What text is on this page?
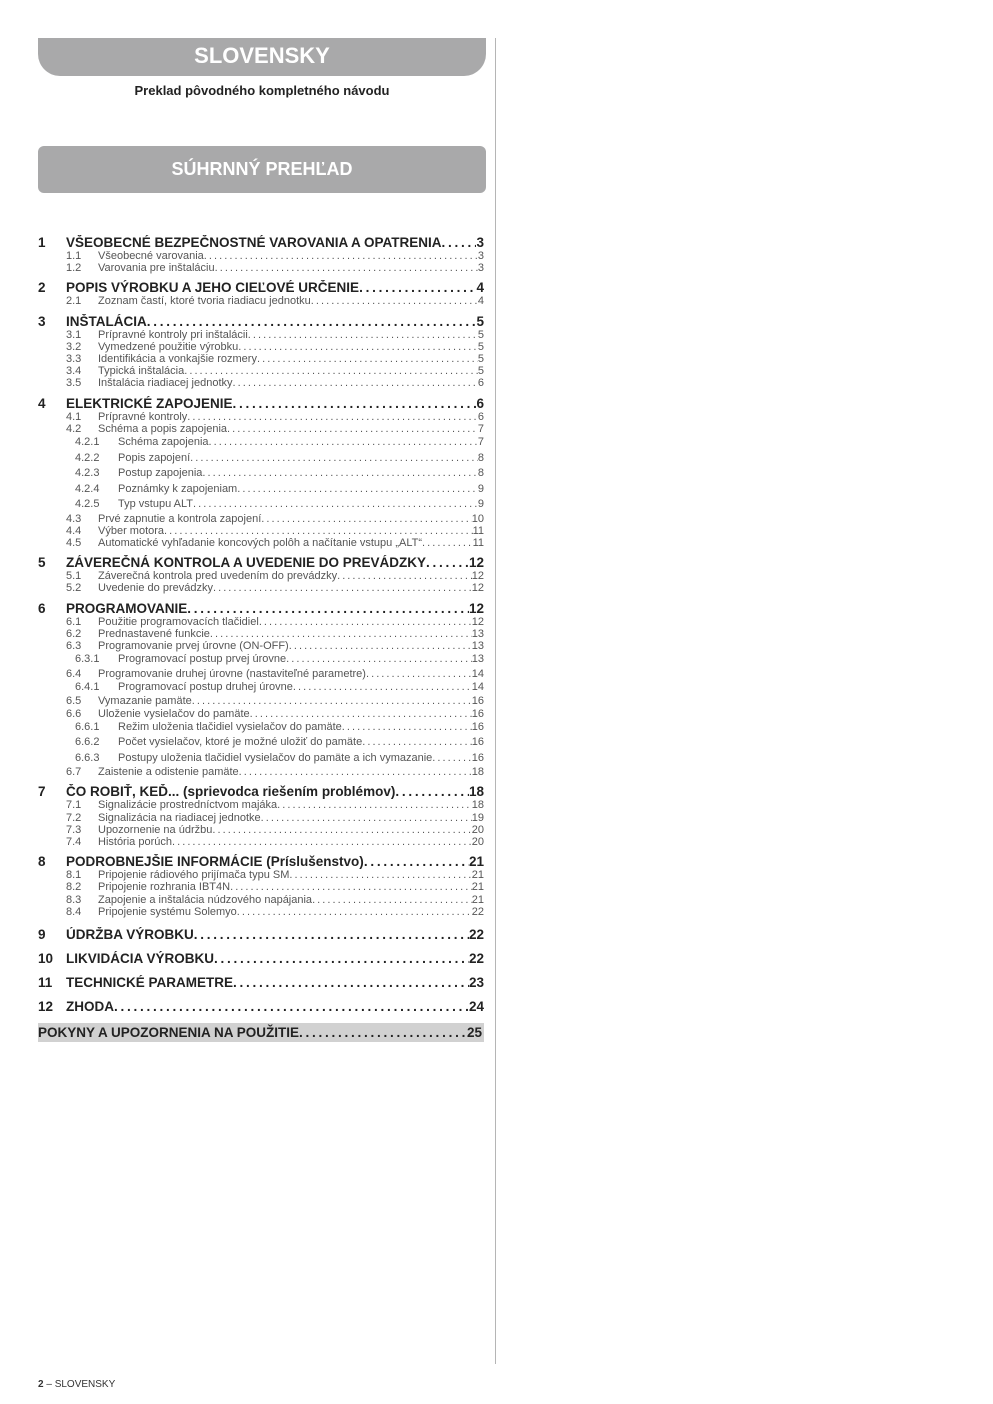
SLOVENSKY
Preklad pôvodného kompletného návodu
SÚHRNNÝ PREHĽAD
1	VŠEOBECNÉ BEZPEČNOSTNÉ VAROVANIA A OPATRENIA . . .	3
1.1	Všeobecné varovania . . .	3
1.2	Varovania pre inštaláciu . . .	3
2	POPIS VÝROBKU A JEHO CIEĽOVÉ URČENIE . . .	4
2.1	Zoznam častí, ktoré tvoria riadiacu jednotku . . .	4
3	INŠTALÁCIA . . .	5
3.1	Prípravné kontroly pri inštalácii . . .	5
3.2	Vymedzené použitie výrobku . . .	5
3.3	Identifikácia a vonkajšie rozmery . . .	5
3.4	Typická inštalácia . . .	5
3.5	Inštalácia riadiacej jednotky . . .	6
4	ELEKTRICKÉ ZAPOJENIE . . .	6
4.1	Prípravné kontroly . . .	6
4.2	Schéma a popis zapojenia . . .	7
4.2.1	Schéma zapojenia . . .	7
4.2.2	Popis zapojení . . .	8
4.2.3	Postup zapojenia . . .	8
4.2.4	Poznámky k zapojeniam . . .	9
4.2.5	Typ vstupu ALT . . .	9
4.3	Prvé zapnutie a kontrola zapojení . . .	10
4.4	Výber motora . . .	11
4.5	Automatické vyhľadanie koncových polôh a načítanie vstupu „ALT“ . . .	11
5	ZÁVEREČNÁ KONTROLA A UVEDENIE DO PREVÁDZKY . . .	12
5.1	Záverečná kontrola pred uvedením do prevádzky . . .	12
5.2	Uvedenie do prevádzky . . .	12
6	PROGRAMOVANIE . . .	12
6.1	Použitie programovacích tlačidiel . . .	12
6.2	Prednastavené funkcie . . .	13
6.3	Programovanie prvej úrovne (ON-OFF) . . .	13
6.3.1	Programovací postup prvej úrovne . . .	13
6.4	Programovanie druhej úrovne (nastaviteľné parametre) . . .	14
6.4.1	Programovací postup druhej úrovne . . .	14
6.5	Vymazanie pamäte . . .	16
6.6	Uloženie vysielačov do pamäte . . .	16
6.6.1	Režim uloženia tlačidiel vysielačov do pamäte . . .	16
6.6.2	Počet vysielačov, ktoré je možné uložiť do pamäte . . .	16
6.6.3	Postupy uloženia tlačidiel vysielačov do pamäte a ich vymazanie . . .	16
6.7	Zaistenie a odistenie pamäte . . .	18
7	ČO ROBIŤ, KEĎ... (sprievodca riešením problémov) . . .	18
7.1	Signalizácie prostredníctvom majáka . . .	18
7.2	Signalizácia na riadiacej jednotke . . .	19
7.3	Upozornenie na údržbu . . .	20
7.4	História porúch . . .	20
8	PODROBNEJŠIE INFORMÁCIE (Príslušenstvo) . . .	21
8.1	Pripojenie rádiového prijímača typu SM . . .	21
8.2	Pripojenie rozhrania IBT4N . . .	21
8.3	Zapojenie a inštalácia núdzového napájania . . .	21
8.4	Pripojenie systému Solemyo . . .	22
9	ÚDRŽBA VÝROBKU . . .	22
10 LIKVIDÁCIA VÝROBKU . . .	22
11	TECHNICKÉ PARAMETRE . . .	23
12 ZHODA . . .	24
POKYNY A UPOZORNENIA NA POUŽITIE . . .	25
2 – SLOVENSKY
